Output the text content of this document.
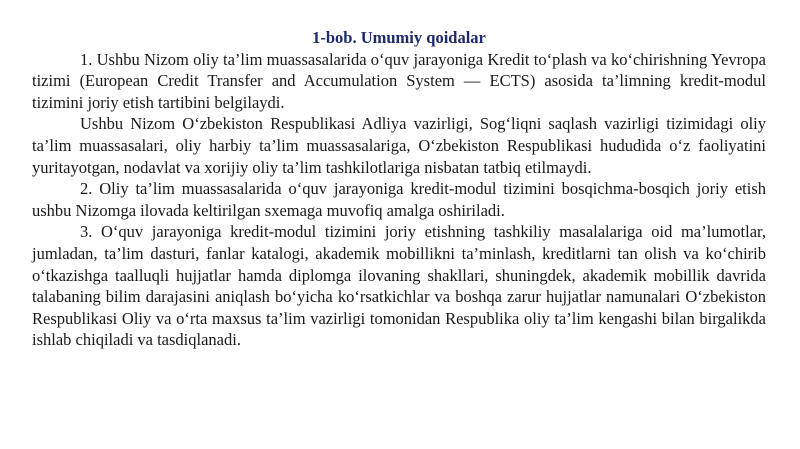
1-bob. Umumiy qoidalar

1. Ushbu Nizom oliy ta’lim muassasalarida o‘quv jarayoniga Kredit to‘plash va ko‘chirishning Yevropa tizimi (European Credit Transfer and Accumulation System — ECTS) asosida ta’limning kredit-modul tizimini joriy etish tartibini belgilaydi.

Ushbu Nizom O‘zbekiston Respublikasi Adliya vazirligi, Sog‘liqni saqlash vazirligi tizimidagi oliy ta’lim muassasalari, oliy harbiy ta’lim muassasalariga, O‘zbekiston Respublikasi hududida o‘z faoliyatini yuritayotgan, nodavlat va xorijiy oliy ta’lim tashkilotlariga nisbatan tatbiq etilmaydi.

2. Oliy ta’lim muassasalarida o‘quv jarayoniga kredit-modul tizimini bosqichma-bosqich joriy etish ushbu Nizomga ilovada keltirilgan sxemaga muvofiq amalga oshiriladi.

3. O‘quv jarayoniga kredit-modul tizimini joriy etishning tashkiliy masalalariga oid ma’lumotlar, jumladan, ta’lim dasturi, fanlar katalogi, akademik mobillikni ta’minlash, kreditlarni tan olish va ko‘chirib o‘tkazishga taalluqli hujjatlar hamda diplomga ilovaning shakllari, shuningdek, akademik mobillik davrida talabaning bilim darajasini aniqlash bo‘yicha ko‘rsatkichlar va boshqa zarur hujjatlar namunalari O‘zbekiston Respublikasi Oliy va o‘rta maxsus ta’lim vazirligi tomonidan Respublika oliy ta’lim kengashi bilan birgalikda ishlab chiqiladi va tasdiqlanadi.
